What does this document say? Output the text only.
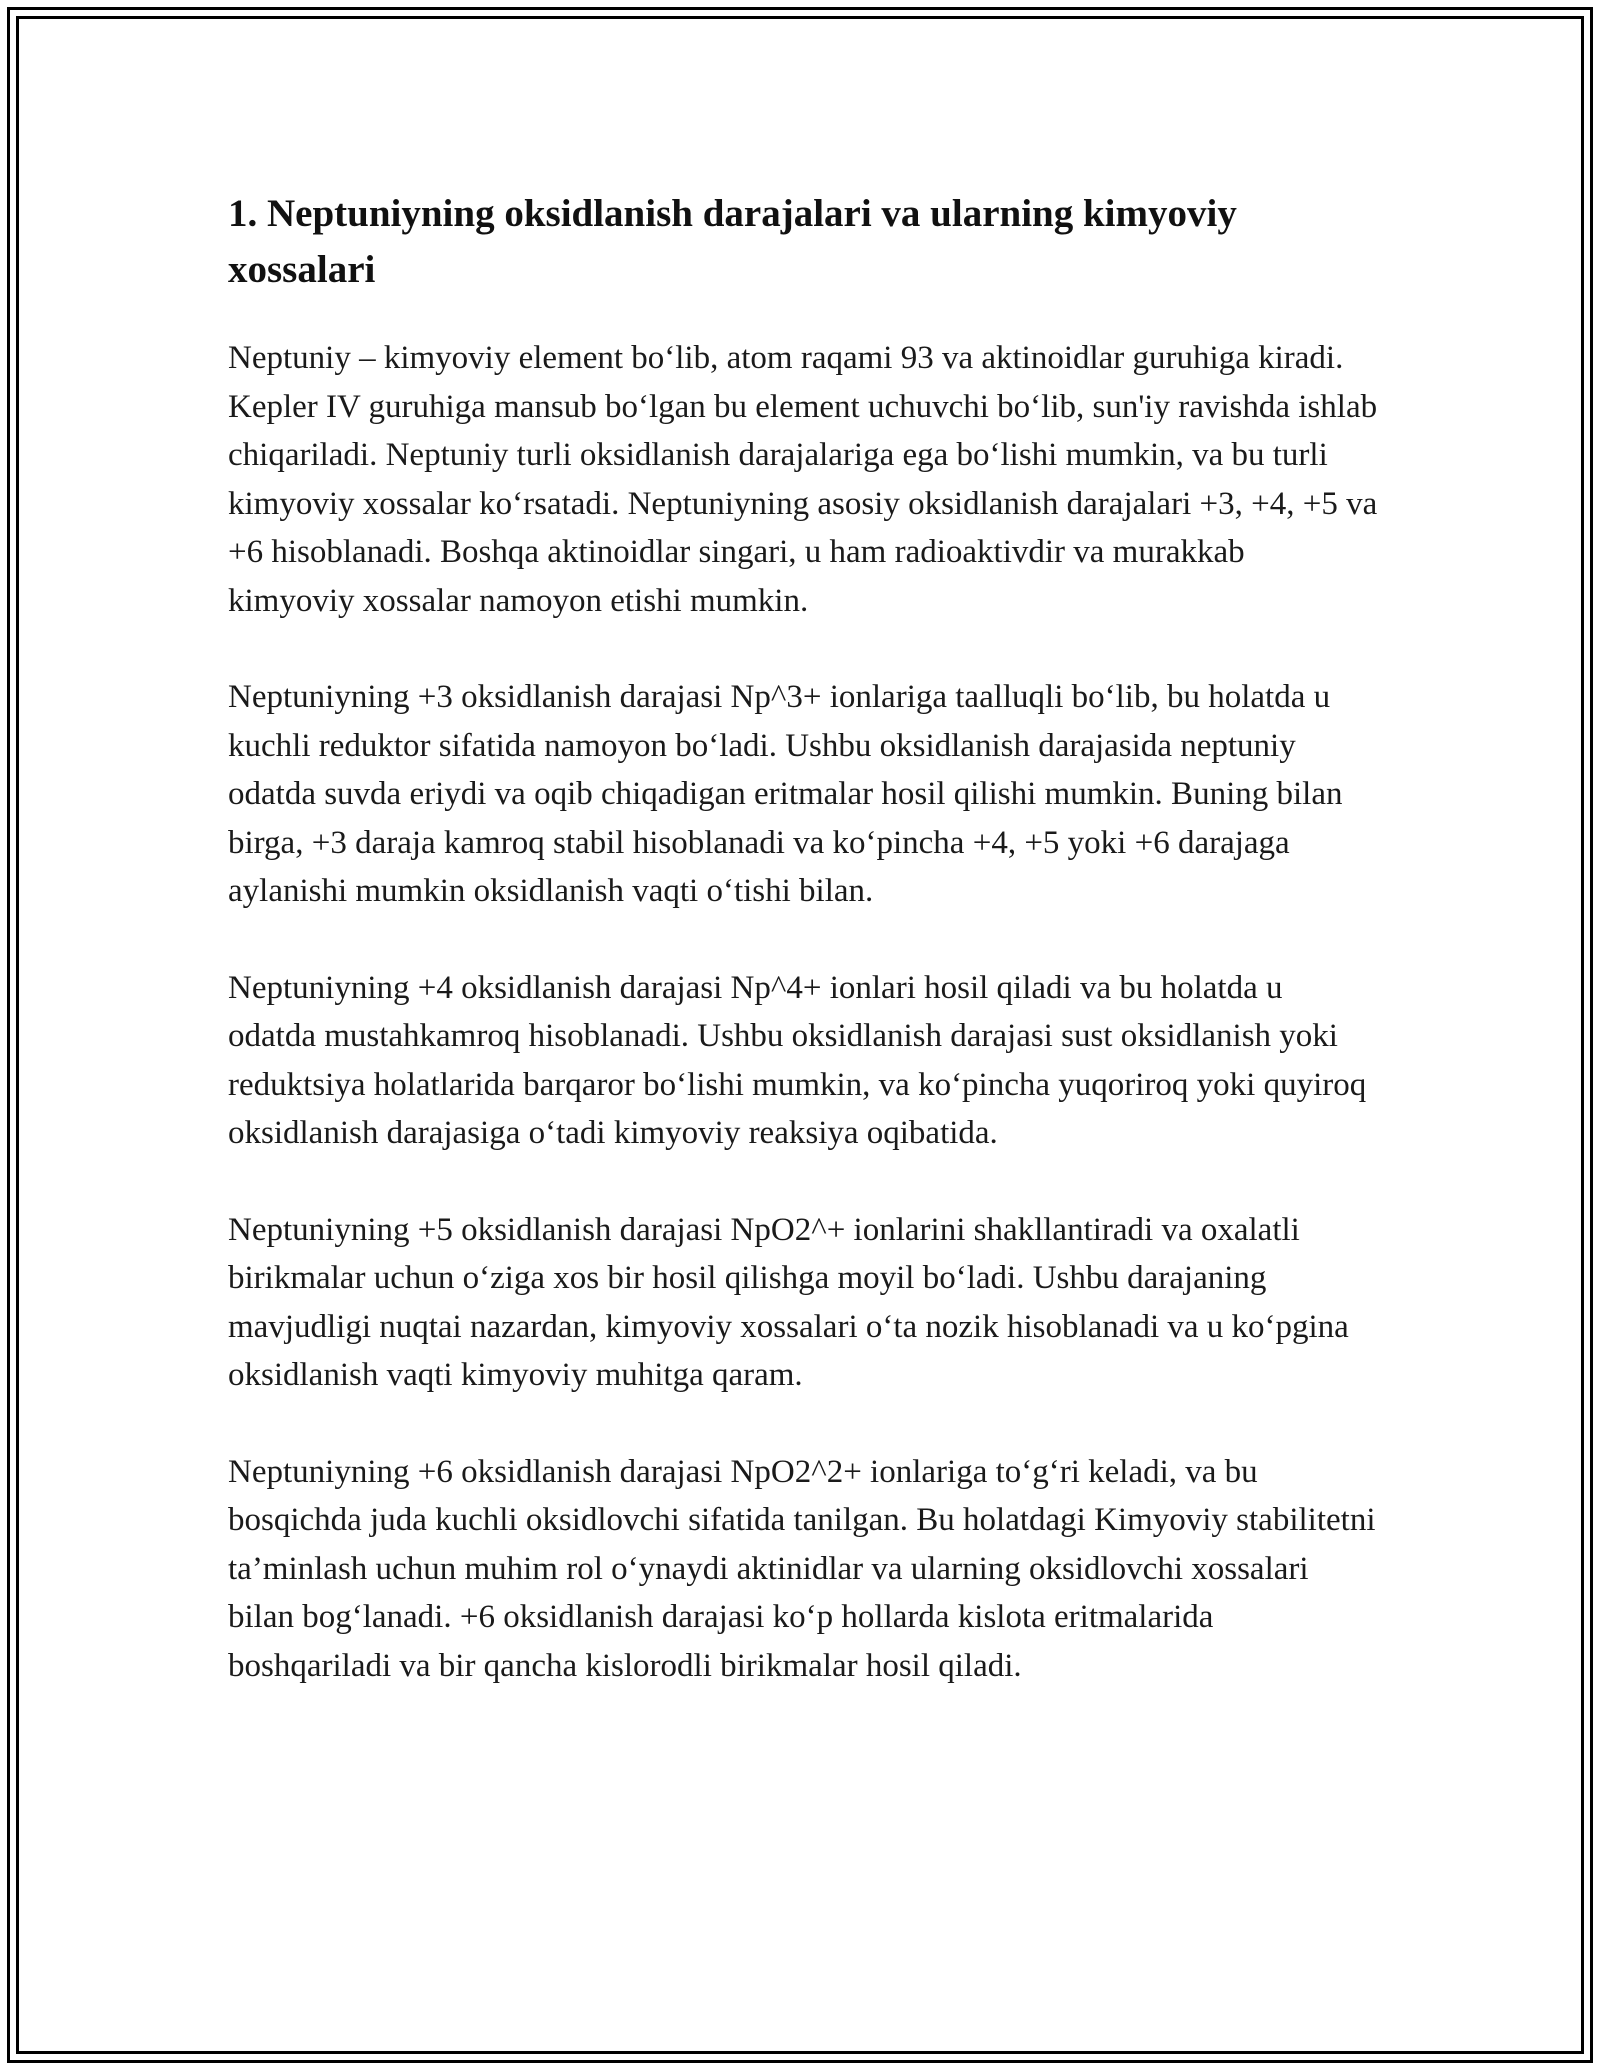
1. Neptuniyning oksidlanish darajalari va ularning kimyoviy xossalari

Neptuniy – kimyoviy element bo‘lib, atom raqami 93 va aktinoidlar guruhiga kiradi. Kepler IV guruhiga mansub bo‘lgan bu element uchuvchi bo‘lib, sun'iy ravishda ishlab chiqariladi. Neptuniy turli oksidlanish darajalariga ega bo‘lishi mumkin, va bu turli kimyoviy xossalar ko‘rsatadi. Neptuniyning asosiy oksidlanish darajalari +3, +4, +5 va +6 hisoblanadi. Boshqa aktinoidlar singari, u ham radioaktivdir va murakkab kimyoviy xossalar namoyon etishi mumkin.

Neptuniyning +3 oksidlanish darajasi Np^3+ ionlariga taalluqli bo‘lib, bu holatda u kuchli reduktor sifatida namoyon bo‘ladi. Ushbu oksidlanish darajasida neptuniy odatda suvda eriydi va oqib chiqadigan eritmalar hosil qilishi mumkin. Buning bilan birga, +3 daraja kamroq stabil hisoblanadi va ko‘pincha +4, +5 yoki +6 darajaga aylanishi mumkin oksidlanish vaqti o‘tishi bilan.

Neptuniyning +4 oksidlanish darajasi Np^4+ ionlari hosil qiladi va bu holatda u odatda mustahkamroq hisoblanadi. Ushbu oksidlanish darajasi sust oksidlanish yoki reduktsiya holatlarida barqaror bo‘lishi mumkin, va ko‘pincha yuqoriroq yoki quyiroq oksidlanish darajasiga o‘tadi kimyoviy reaksiya oqibatida.

Neptuniyning +5 oksidlanish darajasi NpO2^+ ionlarini shakllantiradi va oxalatli birikmalar uchun o‘ziga xos bir hosil qilishga moyil bo‘ladi. Ushbu darajaning mavjudligi nuqtai nazardan, kimyoviy xossalari o‘ta nozik hisoblanadi va u ko‘pgina oksidlanish vaqti kimyoviy muhitga qaram.

Neptuniyning +6 oksidlanish darajasi NpO2^2+ ionlariga to‘g‘ri keladi, va bu bosqichda juda kuchli oksidlovchi sifatida tanilgan. Bu holatdagi Kimyoviy stabilitetni ta’minlash uchun muhim rol o‘ynaydi aktinidlar va ularning oksidlovchi xossalari bilan bog‘lanadi. +6 oksidlanish darajasi ko‘p hollarda kislota eritmalarida boshqariladi va bir qancha kislorodli birikmalar hosil qiladi.
